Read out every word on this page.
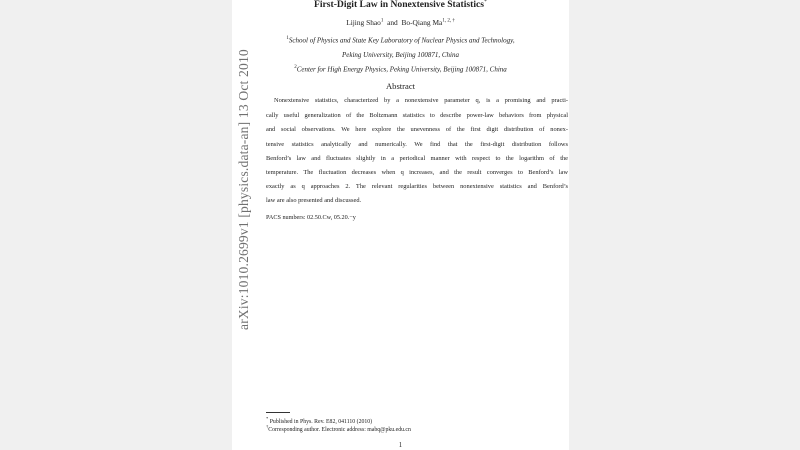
arXiv:1010.2699v1 [physics.data-an] 13 Oct 2010
First-Digit Law in Nonextensive Statistics*
Lijing Shao$^1$  and  Bo-Qiang $Ma^{1, 2, \dagger}$
$^1$School of Physics and State Key Laboratory of Nuclear Physics and Technology,
Peking University, Beijing 100871, China
$^2$Center for High Energy Physics, Peking University, Beijing 100871, China
Abstract
Nonextensive statistics, characterized by a nonextensive parameter q, is a promising and practi-
cally useful generalization of the Boltzmann statistics to describe power-law behaviors from physical
and social observations. We here explore the unevenness of the first digit distribution of nonex-
tensive statistics analytically and numerically. We find that the first-digit distribution follows
Benford’s law and fluctuates slightly in a periodical manner with respect to the logarithm of the
temperature. The fluctuation decreases when q increases, and the result converges to Benford’s law
exactly as q approaches 2. The relevant regularities between nonextensive statistics and Benford’s
law are also presented and discussed.
PACS numbers: 02.50.Cw, 05.20.−y
* Published in Phys. Rev. E82, 041110 (2010)
†Corresponding author. Electronic address: mabq@pku.edu.cn
1
